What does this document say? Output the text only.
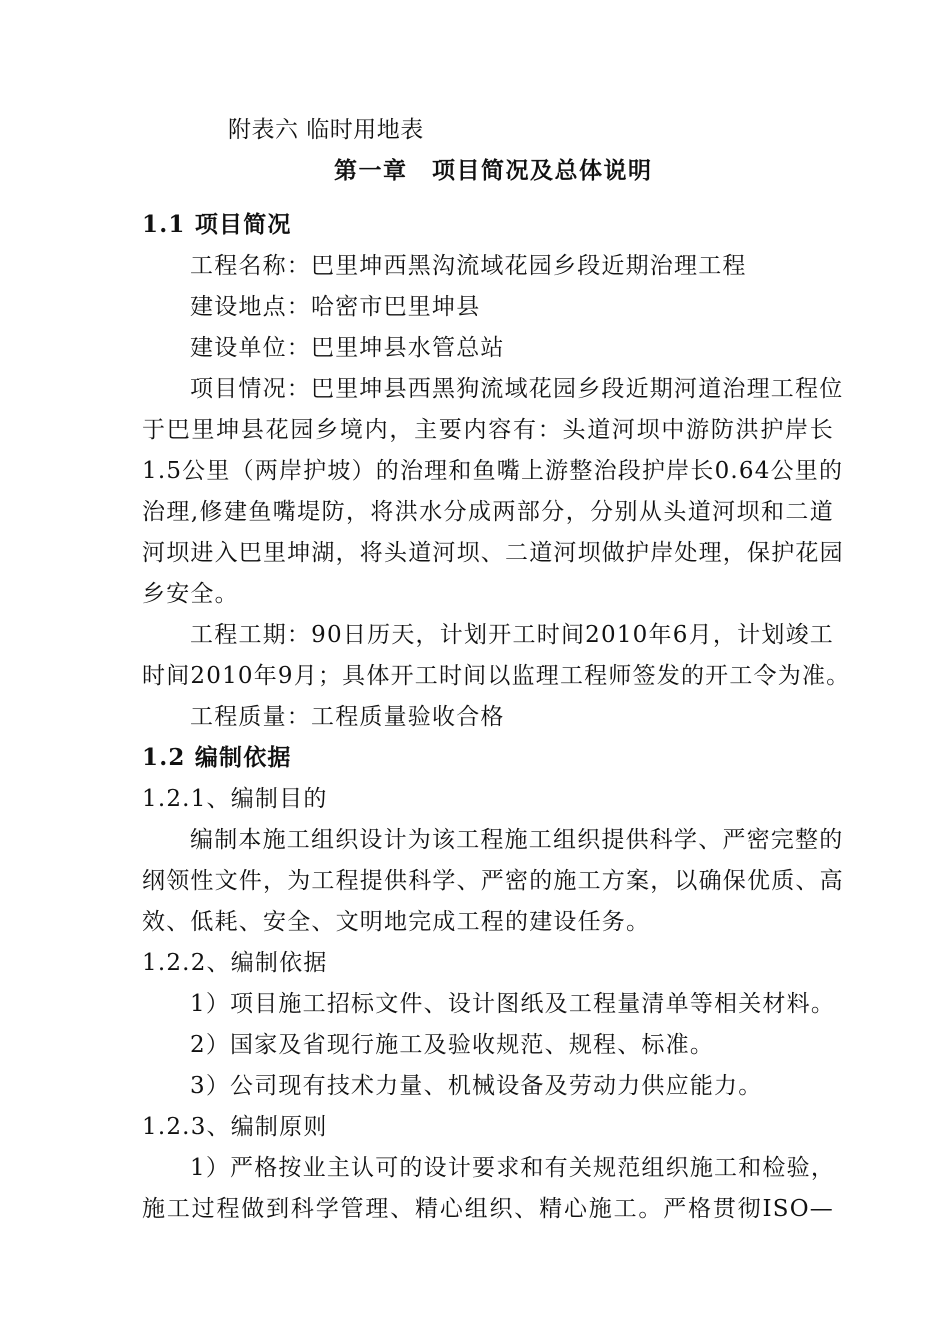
附表六 临时用地表
第一章　项目简况及总体说明
1.1 项目简况
工程名称：巴里坤西黑沟流域花园乡段近期治理工程
建设地点：哈密市巴里坤县
建设单位：巴里坤县水管总站
项目情况：巴里坤县西黑狗流域花园乡段近期河道治理工程位
于巴里坤县花园乡境内，主要内容有：头道河坝中游防洪护岸长
1.5公里（两岸护坡）的治理和鱼嘴上游整治段护岸长0.64公里的
治理,修建鱼嘴堤防，将洪水分成两部分，分别从头道河坝和二道
河坝进入巴里坤湖，将头道河坝、二道河坝做护岸处理，保护花园
乡安全。
工程工期：90日历天，计划开工时间2010年6月，计划竣工
时间2010年9月；具体开工时间以监理工程师签发的开工令为准。
工程质量：工程质量验收合格
1.2 编制依据
1.2.1、编制目的
编制本施工组织设计为该工程施工组织提供科学、严密完整的
纲领性文件，为工程提供科学、严密的施工方案，以确保优质、高
效、低耗、安全、文明地完成工程的建设任务。
1.2.2、编制依据
1）项目施工招标文件、设计图纸及工程量清单等相关材料。
2）国家及省现行施工及验收规范、规程、标准。
3）公司现有技术力量、机械设备及劳动力供应能力。
1.2.3、编制原则
1）严格按业主认可的设计要求和有关规范组织施工和检验，
施工过程做到科学管理、精心组织、精心施工。严格贯彻ISO—
